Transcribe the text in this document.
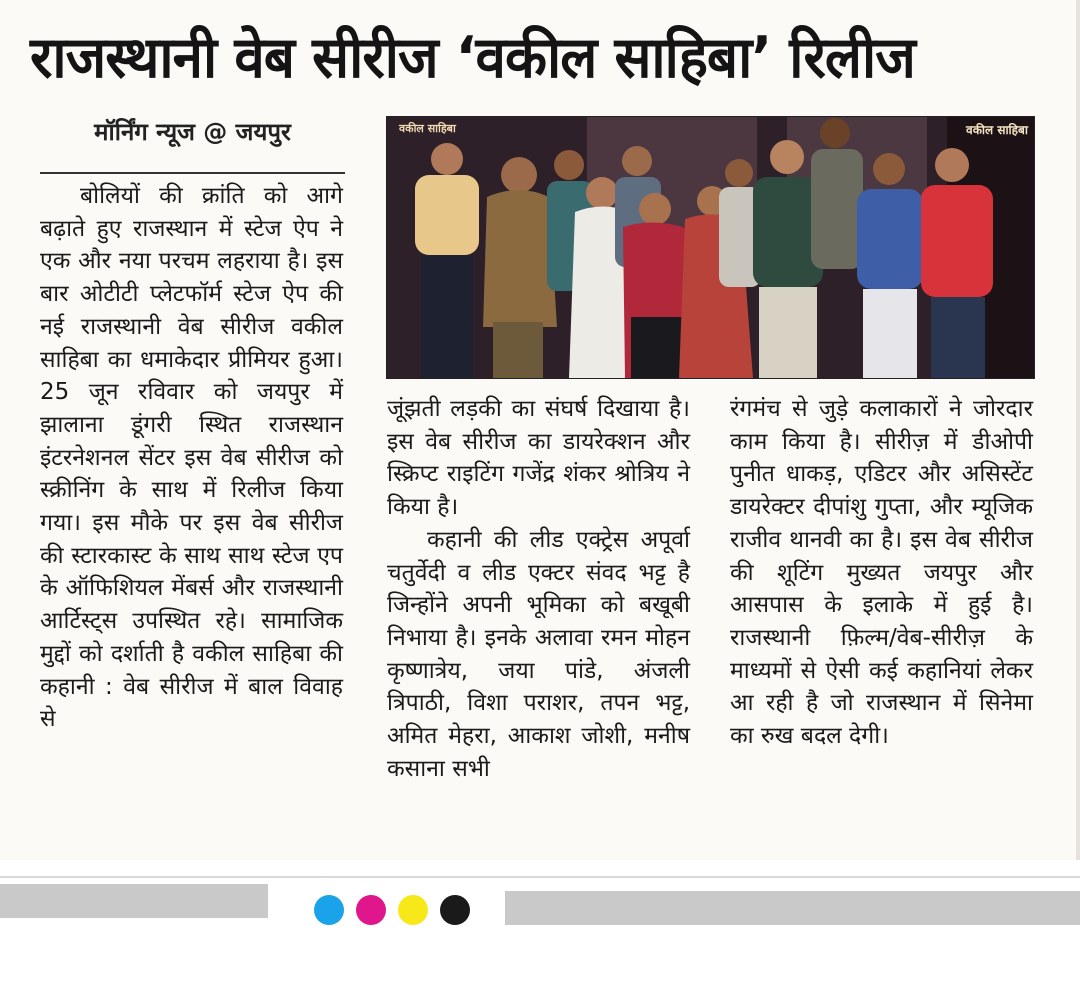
राजस्थानी वेब सीरीज ‘वकील साहिबा’ रिलीज
मॉर्निंग न्यूज @ जयपुर

बोलियों की क्रांति को आगे बढ़ाते हुए राजस्थान में स्टेज ऐप ने एक और नया परचम लहराया है। इस बार ओटीटी प्लेटफॉर्म स्टेज ऐप की नई राजस्थानी वेब सीरीज वकील साहिबा का धमाकेदार प्रीमियर हुआ। 25 जून रविवार को जयपुर में झालाना डूंगरी स्थित राजस्थान इंटरनेशनल सेंटर इस वेब सीरीज को स्क्रीनिंग के साथ में रिलीज किया गया। इस मौके पर इस वेब सीरीज की स्टारकास्ट के साथ साथ स्टेज एप के ऑफिशियल मेंबर्स और राजस्थानी आर्टिस्ट्स उपस्थित रहे। सामाजिक मुद्दों को दर्शाती है वकील साहिबा की कहानी : वेब सीरीज में बाल विवाह से

वकील साहिबा	वकील साहिबा

जूंझती लड़की का संघर्ष दिखाया है। इस वेब सीरीज का डायरेक्शन और स्क्रिप्ट राइटिंग गजेंद्र शंकर श्रोत्रिय ने किया है।

कहानी की लीड एक्ट्रेस अपूर्वा चतुर्वेदी व लीड एक्टर संवद भट्ट है जिन्होंने अपनी भूमिका को बखूबी निभाया है। इनके अलावा रमन मोहन कृष्णात्रेय, जया पांडे, अंजली त्रिपाठी, विशा पराशर, तपन भट्ट, अमित मेहरा, आकाश जोशी, मनीष कसाना सभी

रंगमंच से जुड़े कलाकारों ने जोरदार काम किया है। सीरीज़ में डीओपी पुनीत धाकड़, एडिटर और असिस्टेंट डायरेक्टर दीपांशु गुप्ता, और म्यूजिक राजीव थानवी का है। इस वेब सीरीज की शूटिंग मुख्यत जयपुर और आसपास के इलाके में हुई है। राजस्थानी फ़िल्म/वेब-सीरीज़ के माध्यमों से ऐसी कई कहानियां लेकर आ रही है जो राजस्थान में सिनेमा का रुख बदल देगी।
